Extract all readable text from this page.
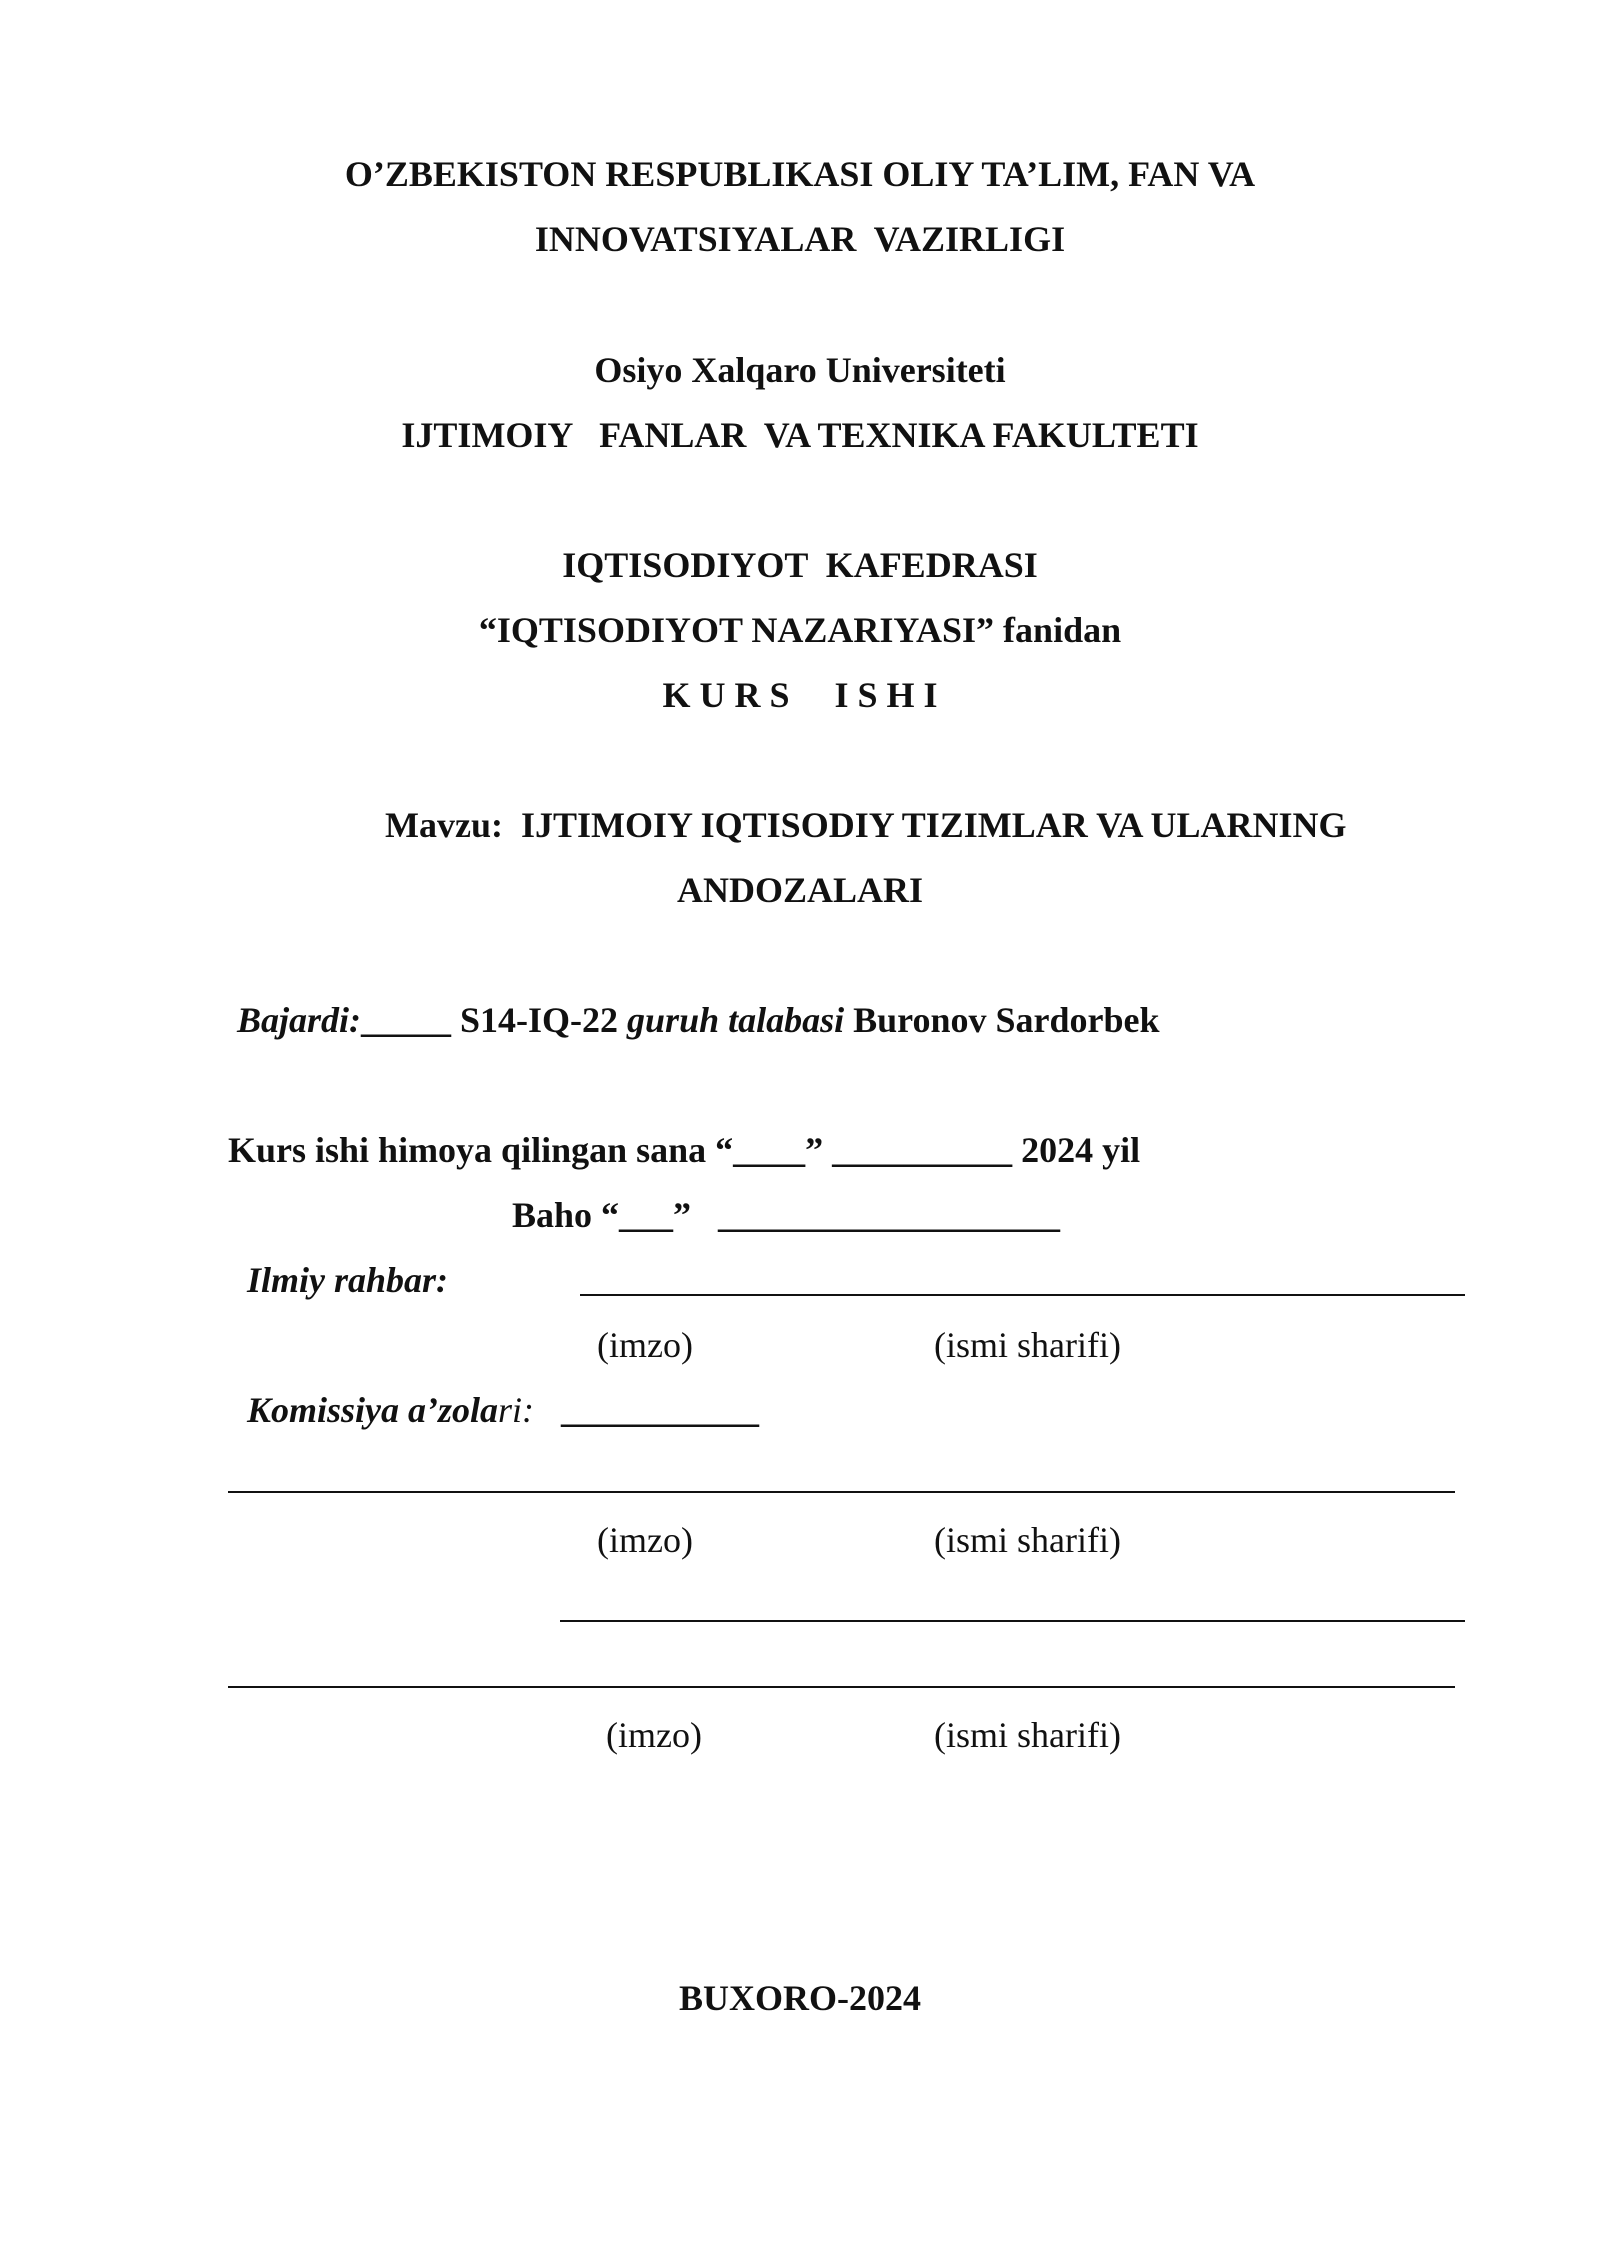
O’ZBEKISTON RESPUBLIKASI OLIY TA’LIM, FAN VA
INNOVATSIYALAR  VAZIRLIGI
Osiyo Xalqaro Universiteti
IJTIMOIY   FANLAR  VA TEXNIKA FAKULTETI
IQTISODIYOT  KAFEDRASI
“IQTISODIYOT NAZARIYASI” fanidan
K U R S     I S H I
Mavzu: IJTIMOIY IQTISODIY TIZIMLAR VA ULARNING
ANDOZALARI
Bajardi:_____ S14-IQ-22 guruh talabasi Buronov Sardorbek
Kurs ishi himoya qilingan sana “____” __________ 2024 yil
Baho “___”   ___________________
Ilmiy rahbar:
(imzo)	(ismi sharifi)
Komissiya a’zolari: ___________
(imzo)	(ismi sharifi)
(imzo)	(ismi sharifi)
BUXORO-2024
